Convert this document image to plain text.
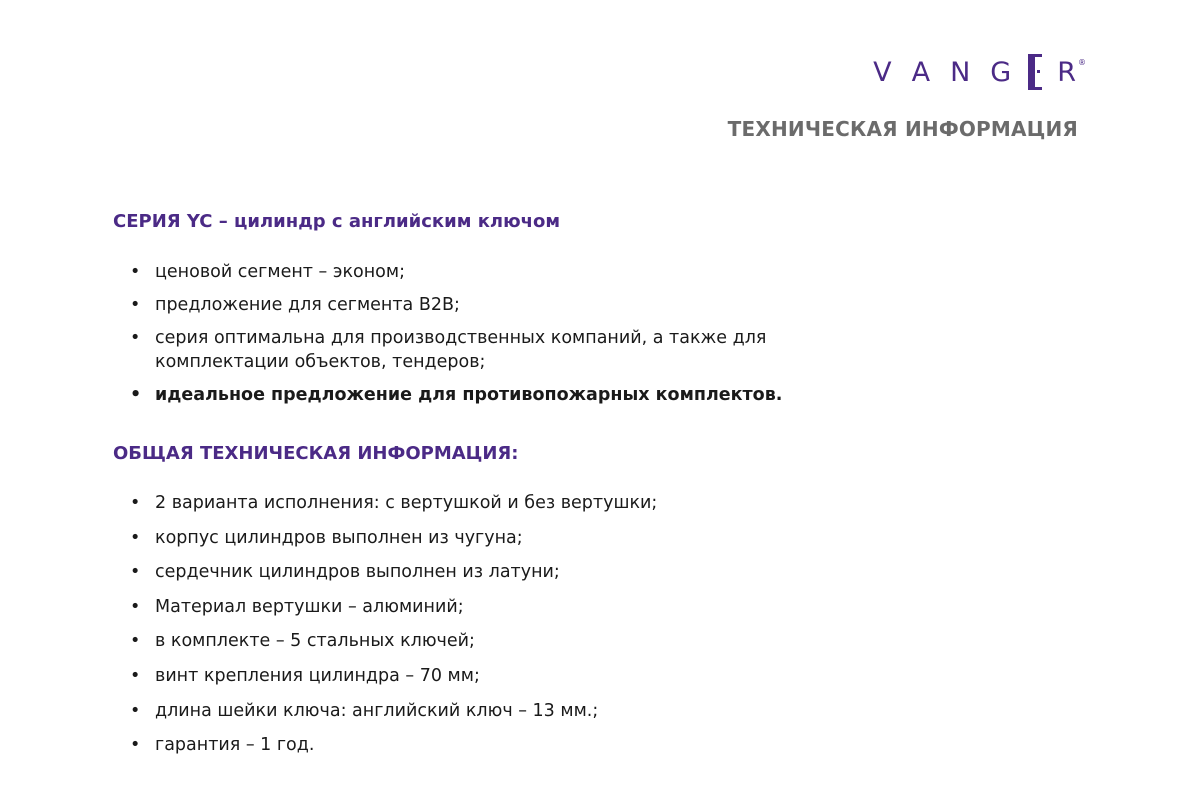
V A N G R ®
ТЕХНИЧЕСКАЯ ИНФОРМАЦИЯ
СЕРИЯ YC – цилиндр с английским ключом
• ценовой сегмент – эконом;
• предложение для сегмента B2B;
• серия оптимальна для производственных компаний, а также для комплектации объектов, тендеров;
• идеальное предложение для противопожарных комплектов.
ОБЩАЯ ТЕХНИЧЕСКАЯ ИНФОРМАЦИЯ:
• 2 варианта исполнения: с вертушкой и без вертушки;
• корпус цилиндров выполнен из чугуна;
• сердечник цилиндров выполнен из латуни;
• Материал вертушки – алюминий;
• в комплекте – 5 стальных ключей;
• винт крепления цилиндра – 70 мм;
• длина шейки ключа: английский ключ – 13 мм.;
• гарантия – 1 год.
